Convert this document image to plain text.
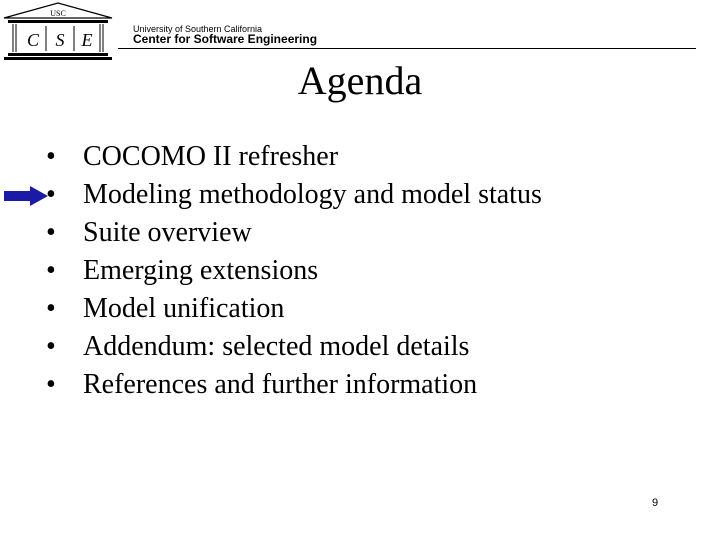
USC
C S E
University of Southern California
Center for Software Engineering
Agenda
• COCOMO II refresher
• Modeling methodology and model status
• Suite overview
• Emerging extensions
• Model unification
• Addendum: selected model details
• References and further information
9
